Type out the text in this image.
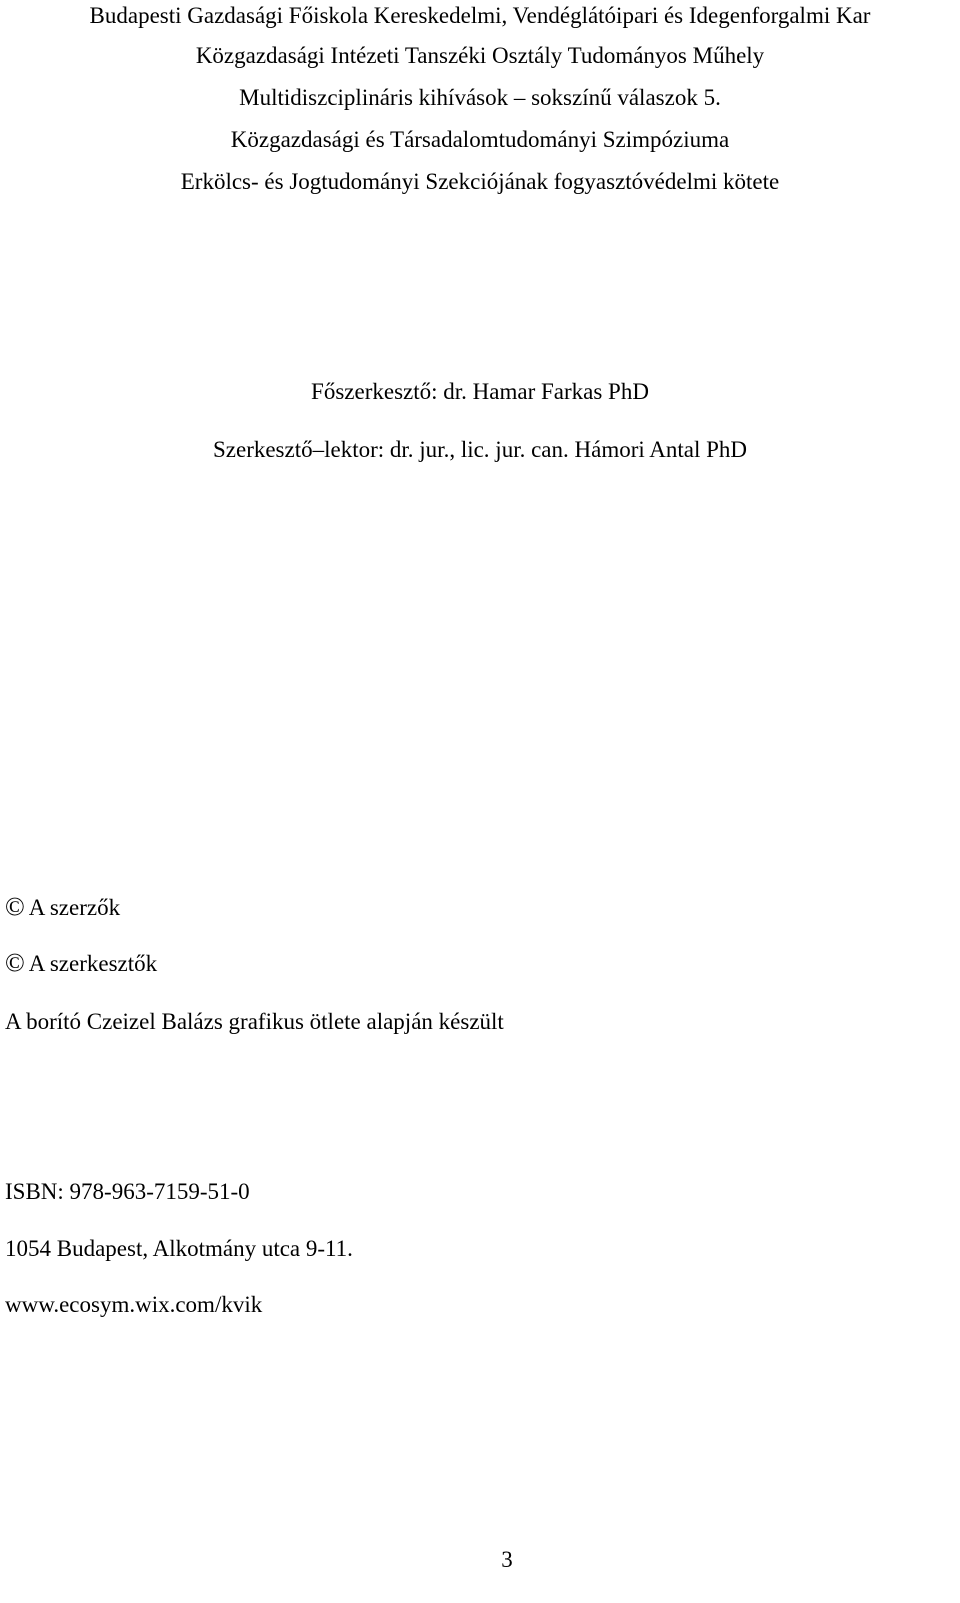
Budapesti Gazdasági Főiskola Kereskedelmi, Vendéglátóipari és Idegenforgalmi Kar
Közgazdasági Intézeti Tanszéki Osztály Tudományos Műhely
Multidiszciplináris kihívások – sokszínű válaszok 5.
Közgazdasági és Társadalomtudományi Szimpóziuma
Erkölcs- és Jogtudományi Szekciójának fogyasztóvédelmi kötete
Főszerkesztő: dr. Hamar Farkas PhD
Szerkesztő–lektor: dr. jur., lic. jur. can. Hámori Antal PhD
© A szerzők
© A szerkesztők
A borító Czeizel Balázs grafikus ötlete alapján készült
ISBN: 978-963-7159-51-0
1054 Budapest, Alkotmány utca 9-11.
www.ecosym.wix.com/kvik
3
